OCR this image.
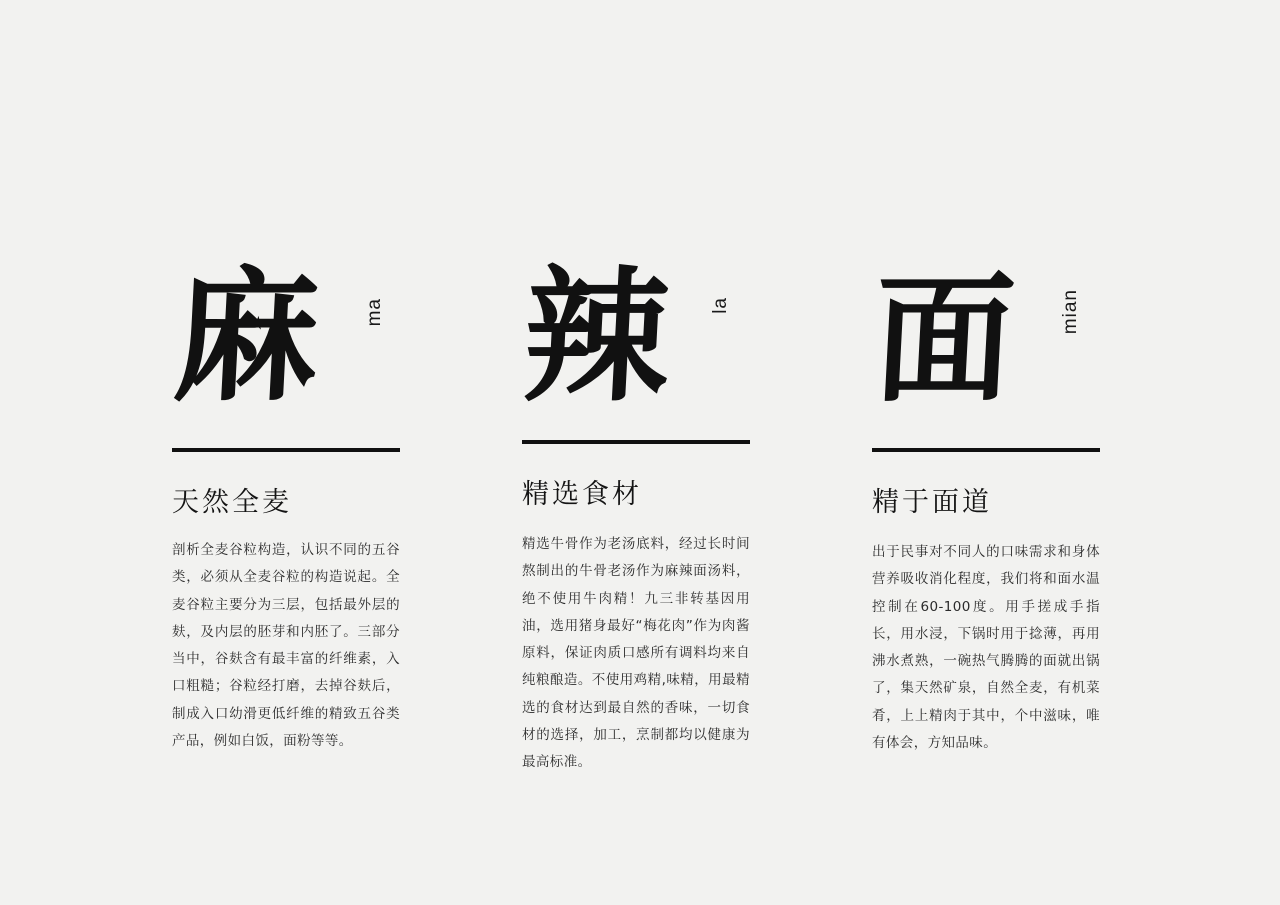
麻 ma
天然全麦
剖析全麦谷粒构造，认识不同的五谷类，必须从全麦谷粒的构造说起。全麦谷粒主要分为三层，包括最外层的麸，及内层的胚芽和内胚了。三部分当中，谷麸含有最丰富的纤维素，入口粗糙；谷粒经打磨，去掉谷麸后，制成入口幼滑更低纤维的精致五谷类产品，例如白饭，面粉等等。
辣 la
精选食材
精选牛骨作为老汤底料，经过长时间熬制出的牛骨老汤作为麻辣面汤料，绝不使用牛肉精！九三非转基因用油，选用猪身最好“梅花肉”作为肉酱原料，保证肉质口感所有调料均来自纯粮酿造。不使用鸡精,味精，用最精选的食材达到最自然的香味，一切食材的选择，加工，烹制都均以健康为最高标准。
面 mian
精于面道
出于民事对不同人的口味需求和身体营养吸收消化程度，我们将和面水温控制在60-100度。用手搓成手指长，用水浸，下锅时用于捻薄，再用沸水煮熟，一碗热气腾腾的面就出锅了，集天然矿泉，自然全麦，有机菜肴，上上精肉于其中，个中滋味，唯有体会，方知品味。
